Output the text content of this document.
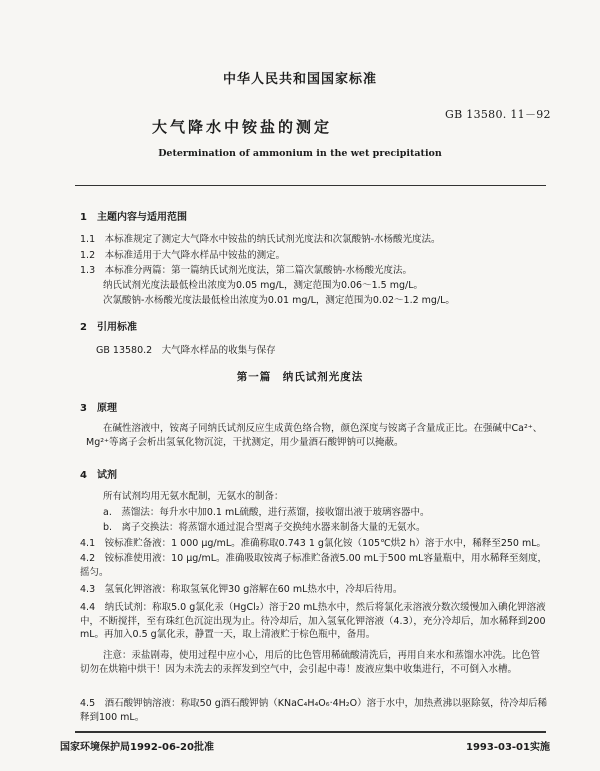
中华人民共和国国家标准
GB 13580. 11－92
大气降水中铵盐的测定
Determination of ammonium in the wet precipitation
1　主题内容与适用范围
1.1　本标准规定了测定大气降水中铵盐的纳氏试剂光度法和次氯酸钠-水杨酸光度法。
1.2　本标准适用于大气降水样品中铵盐的测定。
1.3　本标准分两篇：第一篇纳氏试剂光度法，第二篇次氯酸钠-水杨酸光度法。
纳氏试剂光度法最低检出浓度为0.05 mg/L，测定范围为0.06～1.5 mg/L。
次氯酸钠-水杨酸光度法最低检出浓度为0.01 mg/L，测定范围为0.02～1.2 mg/L。
2　引用标准
GB 13580.2　大气降水样品的收集与保存
第一篇　纳氏试剂光度法
3　原理
在碱性溶液中，铵离子同纳氏试剂反应生成黄色络合物，颜色深度与铵离子含量成正比。在强碱中Ca²⁺、Mg²⁺等离子会析出氢氧化物沉淀，干扰测定，用少量酒石酸钾钠可以掩蔽。
4　试剂
所有试剂均用无氨水配制，无氨水的制备：
a.　蒸馏法：每升水中加0.1 mL硫酸，进行蒸馏，接收馏出液于玻璃容器中。
b.　离子交换法：将蒸馏水通过混合型离子交换纯水器来制备大量的无氨水。
4.1　铵标准贮备液：1 000 μg/mL。准确称取0.743 1 g氯化铵（105℃烘2 h）溶于水中，稀释至250 mL。
4.2　铵标准使用液：10 μg/mL。准确吸取铵离子标准贮备液5.00 mL于500 mL容量瓶中，用水稀释至刻度，摇匀。
4.3　氢氧化钾溶液：称取氢氧化钾30 g溶解在60 mL热水中，冷却后待用。
4.4　纳氏试剂：称取5.0 g氯化汞（HgCl₂）溶于20 mL热水中，然后将氯化汞溶液分数次缓慢加入碘化钾溶液中，不断搅拌，至有珠红色沉淀出现为止。待冷却后，加入氢氧化钾溶液（4.3），充分冷却后，加水稀释到200 mL。再加入0.5 g氯化汞，静置一天，取上清液贮于棕色瓶中，备用。
注意：汞盐剧毒，使用过程中应小心，用后的比色管用稀硫酸清洗后，再用自来水和蒸馏水冲洗。比色管切勿在烘箱中烘干！因为未洗去的汞挥发到空气中，会引起中毒！废液应集中收集进行，不可倒入水槽。
4.5　酒石酸钾钠溶液：称取50 g酒石酸钾钠（KNaC₄H₄O₆·4H₂O）溶于水中，加热煮沸以驱除氨，待冷却后稀释到100 mL。
国家环境保护局1992-06-20批准	1993-03-01实施
